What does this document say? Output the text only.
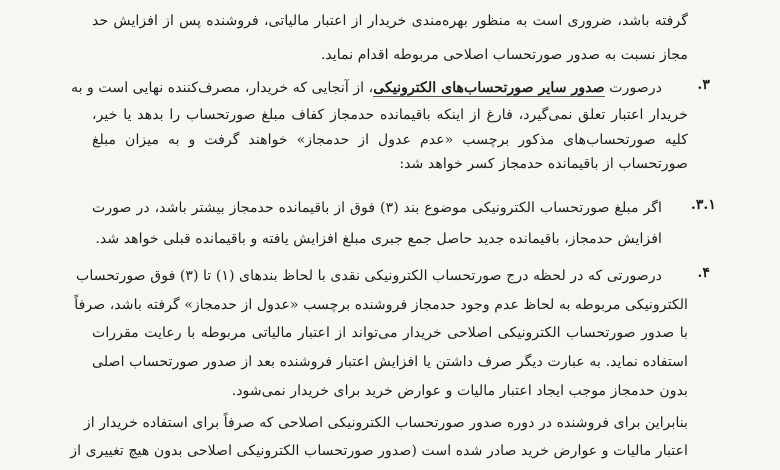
گرفته باشد، ضروری است به منظور بهره‌مندی خریدار از اعتبار مالیاتی، فروشنده پس از افزایش حد
مجاز نسبت به صدور صورتحساب اصلاحی مربوطه اقدام نماید.
۳.
درصورت صدور سایر صورتحساب‌های الکترونیکی، از آنجایی که خریدار، مصرف‌کننده نهایی است و به
خریدار اعتبار تعلق نمی‌گیرد، فارغ از اینکه باقیمانده حدمجاز کفاف مبلغ صورتحساب را بدهد یا خیر،
کلیه صورتحساب‌های مذکور برچسب «عدم عدول از حدمجاز» خواهند گرفت و به میزان مبلغ
صورتحساب از باقیمانده حدمجاز کسر خواهد شد:
۳.۱.
اگر مبلغ صورتحساب الکترونیکی موضوع بند (۳) فوق از باقیمانده حدمجاز بیشتر باشد، در صورت
افزایش حدمجاز، باقیمانده جدید حاصل جمع جبری مبلغ افزایش یافته و باقیمانده قبلی خواهد شد.
۴.
درصورتی که در لحظه درج صورتحساب الکترونیکی نقدی با لحاظ بندهای (۱) تا (۳) فوق صورتحساب
الکترونیکی مربوطه به لحاظ عدم وجود حدمجاز فروشنده برچسب «عدول از حدمجاز» گرفته باشد، صرفاً
با صدور صورتحساب الکترونیکی اصلاحی خریدار می‌تواند از اعتبار مالیاتی مربوطه با رعایت مقررات
استفاده نماید. به عبارت دیگر صرف داشتن یا افزایش اعتبار فروشنده بعد از صدور صورتحساب اصلی
بدون حدمجاز موجب ایجاد اعتبار مالیات و عوارض خرید برای خریدار نمی‌شود.
بنابراین برای فروشنده در دوره صدور صورتحساب الکترونیکی اصلاحی که صرفاً برای استفاده خریدار از
اعتبار مالیات و عوارض خرید صادر شده است (صدور صورتحساب الکترونیکی اصلاحی بدون هیچ تغییری از
